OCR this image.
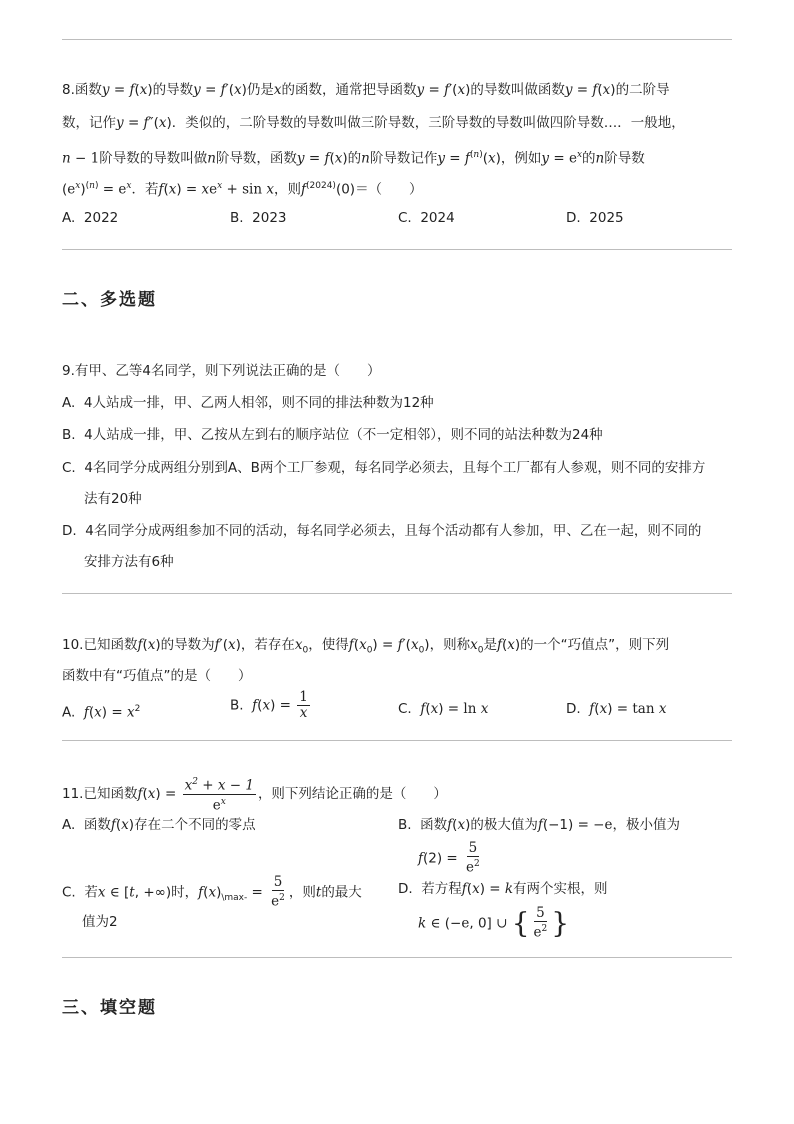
8.函数y = f(x)的导数y = f′(x)仍是x的函数，通常把导函数y = f′(x)的导数叫做函数y = f(x)的二阶导
数，记作y = f″(x)．类似的，二阶导数的导数叫做三阶导数，三阶导数的导数叫做四阶导数…．一般地，
n − 1阶导数的导数叫做n阶导数，函数y = f(x)的n阶导数记作$y = f^{(n)}(x)$，例如$y = e^x$的n阶导数
$(e^x)^{(n)} = e^x$．若$f(x) = xe^x + \sin x$，则$f^{(2024)}(0)=$（　　）
A. 2022	B. 2023	C. 2024	D. 2025
二、多选题
9.有甲、乙等4名同学，则下列说法正确的是（　　）
A. 4人站成一排，甲、乙两人相邻，则不同的排法种数为12种
B. 4人站成一排，甲、乙按从左到右的顺序站位（不一定相邻），则不同的站法种数为24种
C. 4名同学分成两组分别到A、B两个工厂参观，每名同学必须去，且每个工厂都有人参观，则不同的安排方
法有20种
D. 4名同学分成两组参加不同的活动，每名同学必须去，且每个活动都有人参加，甲、乙在一起，则不同的
安排方法有6种
10.已知函数f(x)的导数为f′(x)，若存在$x_0$，使得$f(x_0) = f'(x_0)$，则称$x_0$是f(x)的一个“巧值点”，则下列
函数中有“巧值点”的是（　　）
A. $f(x) = x^2$	B. $f(x) = \frac{1}{x}$	C. f(x) = ln x	D. f(x) = tan x
11.已知函数$f(x) = \frac{x^2 + x - 1}{e^x}$ ，则下列结论正确的是（　　）
A. 函数f(x)存在二个不同的零点	B. 函数f(x)的极大值为f(−1) = −e，极小值为
$f(2) = \frac{5}{e^2}$
C. 若x ∈ [t, +∞)时，$f(x)_{\backslash max-} = \frac{5}{e^2}$ ，则t的最大
值为2
D. 若方程f(x) = k有两个实根，则
k ∈ (−e, 0] ∪ { $\frac{5}{e^2}$ }
三、填空题
